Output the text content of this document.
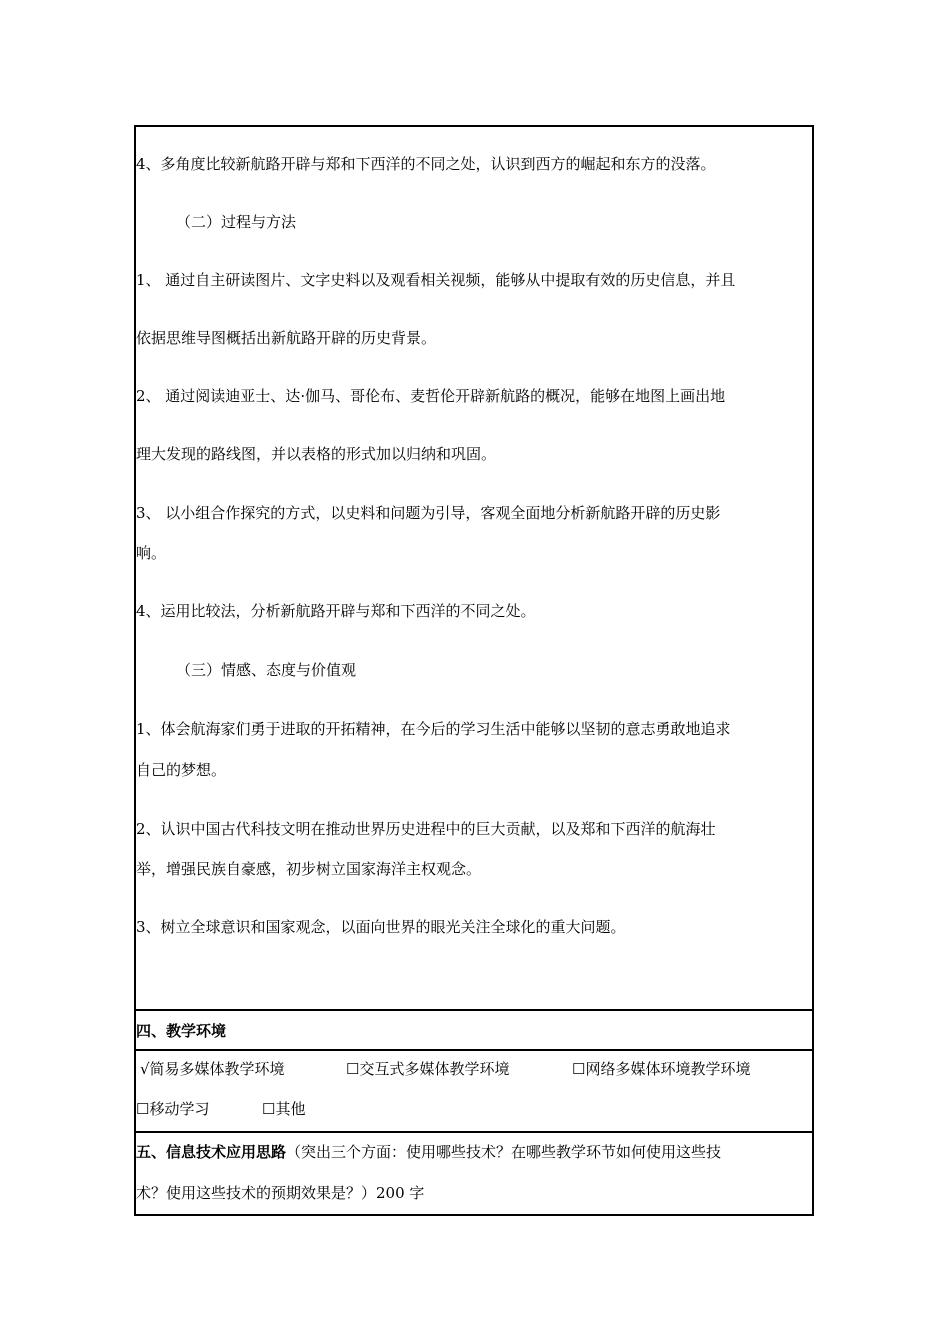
4、多角度比较新航路开辟与郑和下西洋的不同之处，认识到西方的崛起和东方的没落。
（二）过程与方法
1、 通过自主研读图片、文字史料以及观看相关视频，能够从中提取有效的历史信息，并且
依据思维导图概括出新航路开辟的历史背景。
2、 通过阅读迪亚士、达·伽马、哥伦布、麦哲伦开辟新航路的概况，能够在地图上画出地
理大发现的路线图，并以表格的形式加以归纳和巩固。
3、 以小组合作探究的方式，以史料和问题为引导，客观全面地分析新航路开辟的历史影
响。
4、运用比较法，分析新航路开辟与郑和下西洋的不同之处。
（三）情感、态度与价值观
1、体会航海家们勇于进取的开拓精神，在今后的学习生活中能够以坚韧的意志勇敢地追求
自己的梦想。
2、认识中国古代科技文明在推动世界历史进程中的巨大贡献，以及郑和下西洋的航海壮
举，增强民族自豪感，初步树立国家海洋主权观念。
3、树立全球意识和国家观念，以面向世界的眼光关注全球化的重大问题。
四、教学环境
√简易多媒体教学环境	☐交互式多媒体教学环境	☐网络多媒体环境教学环境
☐移动学习	☐其他
五、信息技术应用思路（突出三个方面：使用哪些技术？在哪些教学环节如何使用这些技
术？使用这些技术的预期效果是？）200 字
